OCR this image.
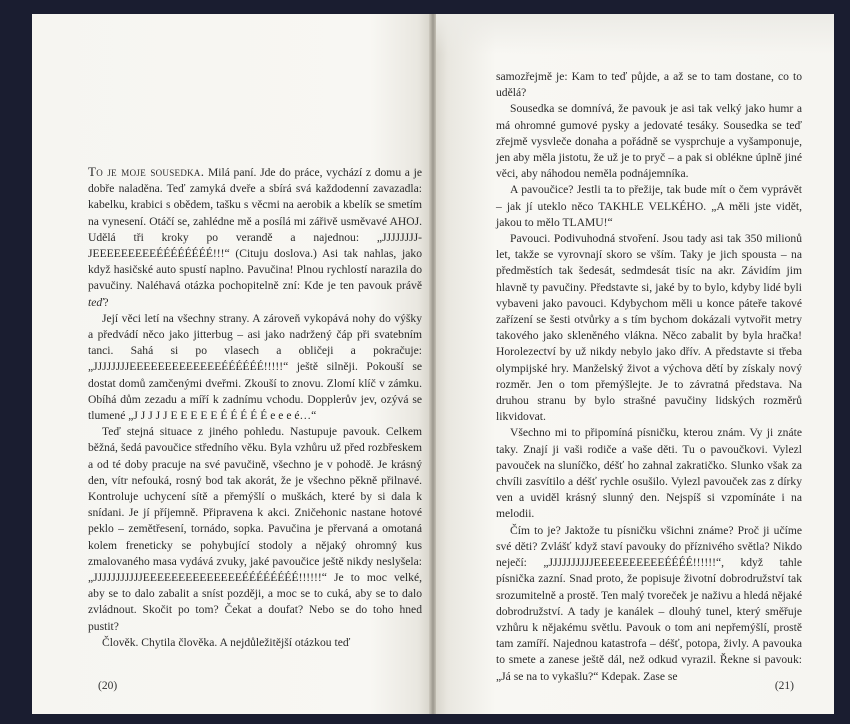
To je moje sousedka. Milá paní. Jde do práce, vychází z domu a je dobře naladěna. Teď zamyká dveře a sbírá svá každodenní zavazadla: kabelku, krabici s obědem, tašku s věcmi na aerobik a kbelík se smetím na vynesení. Otáčí se, zahlédne mě a posílá mi zářivě usměvavé AHOJ. Udělá tři kroky po verandě a najednou: „JJJJJJJJJEEEEEEEEEÉÉÉÉÉÉÉÉ!!!“ (Cituju doslova.) Asi tak nahlas, jako když hasičské auto spustí naplno. Pavučina! Plnou rychlostí narazila do pavučiny. Naléhavá otázka pochopitelně zní: Kde je ten pavouk právě teď?

Její věci letí na všechny strany. A zároveň vykopává nohy do výšky a předvádí něco jako jitterbug – asi jako nadržený čáp při svatebním tanci. Sahá si po vlasech a obličeji a pokračuje: „JJJJJJJJEEEEEEEEEEEEEÉÉÉÉÉÉ!!!!!“ ještě silněji. Pokouší se dostat domů zamčenými dveřmi. Zkouší to znovu. Zlomí klíč v zámku. Obíhá dům zezadu a míří k zadnímu vchodu. Dopplerův jev, ozývá se tlumené „J J J J J E E E E E É É É É É e e e é…“

Teď stejná situace z jiného pohledu. Nastupuje pavouk. Celkem běžná, šedá pavoučice středního věku. Byla vzhůru už před rozbřeskem a od té doby pracuje na své pavučině, všechno je v pohodě. Je krásný den, vítr nefouká, rosný bod tak akorát, že je všechno pěkně přilnavé. Kontroluje uchycení sítě a přemýšlí o muškách, které by si dala k snídani. Je jí příjemně. Připravena k akci. Zničehonic nastane hotové peklo – zemětřesení, tornádo, sopka. Pavučina je přervaná a omotaná kolem freneticky se pohybující stodoly a nějaký ohromný kus zmalovaného masa vydává zvuky, jaké pavoučice ještě nikdy neslyšela: „JJJJJJJJJJJEEEEEEEEEEEEEEÉÉÉÉÉÉÉÉ!!!!!!“ Je to moc velké, aby se to dalo zabalit a sníst později, a moc se to cuká, aby se to dalo zvládnout. Skočit po tom? Čekat a doufat? Nebo se do toho hned pustit?

Člověk. Chytila člověka. A nejdůležitější otázkou teď

(20)

samozřejmě je: Kam to teď půjde, a až se to tam dostane, co to udělá?

Sousedka se domnívá, že pavouk je asi tak velký jako humr a má ohromné gumové pysky a jedovaté tesáky. Sousedka se teď zřejmě vysvleče donaha a pořádně se vysprchuje a vyšamponuje, jen aby měla jistotu, že už je to pryč – a pak si oblékne úplně jiné věci, aby náhodou neměla podnájemníka.

A pavoučice? Jestli ta to přežije, tak bude mít o čem vyprávět – jak jí uteklo něco TAKHLE VELKÉHO. „A měli jste vidět, jakou to mělo TLAMU!“

Pavouci. Podivuhodná stvoření. Jsou tady asi tak 350 milionů let, takže se vyrovnají skoro se vším. Taky je jich spousta – na předměstích tak šedesát, sedmdesát tisíc na akr. Závidím jim hlavně ty pavučiny. Představte si, jaké by to bylo, kdyby lidé byli vybaveni jako pavouci. Kdybychom měli u konce páteře takové zařízení se šesti otvůrky a s tím bychom dokázali vytvořit metry takového jako skleněného vlákna. Něco zabalit by byla hračka! Horolezectví by už nikdy nebylo jako dřív. A představte si třeba olympijské hry. Manželský život a výchova dětí by získaly nový rozměr. Jen o tom přemýšlejte. Je to závratná představa. Na druhou stranu by bylo strašné pavučiny lidských rozměrů likvidovat.

Všechno mi to připomíná písničku, kterou znám. Vy ji znáte taky. Znají ji vaši rodiče a vaše děti. Tu o pavoučkovi. Vylezl pavouček na sluníčko, déšť ho zahnal zakratičko. Slunko však za chvíli zasvítilo a déšť rychle osušilo. Vylezl pavouček zas z dírky ven a uviděl krásný slunný den. Nejspíš si vzpomínáte i na melodii.

Čím to je? Jaktože tu písničku všichni známe? Proč ji učíme své děti? Zvlášť když staví pavouky do příznivého světla? Nikdo neječí: „JJJJJJJJJJEEEEEEEEEEÉÉÉÉ!!!!!!“, když tahle písnička zazní. Snad proto, že popisuje životní dobrodružství tak srozumitelně a prostě. Ten malý tvoreček je naživu a hledá nějaké dobrodružství. A tady je kanálek – dlouhý tunel, který směřuje vzhůru k nějakému světlu. Pavouk o tom ani nepřemýšlí, prostě tam zamíří. Najednou katastrofa – déšť, potopa, živly. A pavouka to smete a zanese ještě dál, než odkud vyrazil. Řekne si pavouk: „Já se na to vykašlu?“ Kdepak. Zase se

(21)
